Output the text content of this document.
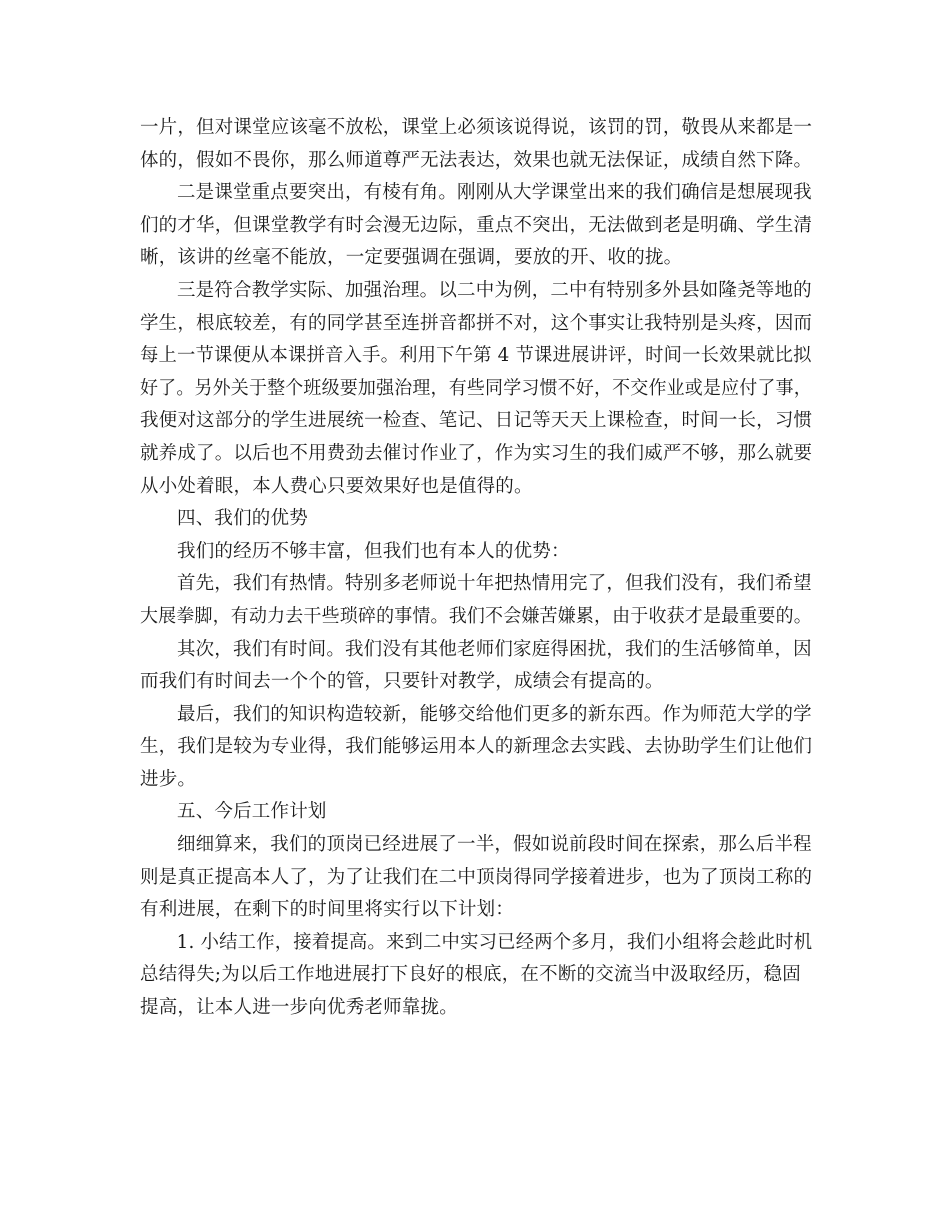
一片，但对课堂应该毫不放松，课堂上必须该说得说，该罚的罚，敬畏从来都是一
体的，假如不畏你，那么师道尊严无法表达，效果也就无法保证，成绩自然下降。

二是课堂重点要突出，有棱有角。刚刚从大学课堂出来的我们确信是想展现我
们的才华，但课堂教学有时会漫无边际，重点不突出，无法做到老是明确、学生清
晰，该讲的丝毫不能放，一定要强调在强调，要放的开、收的拢。

三是符合教学实际、加强治理。以二中为例，二中有特别多外县如隆尧等地的
学生，根底较差，有的同学甚至连拼音都拼不对，这个事实让我特别是头疼，因而
每上一节课便从本课拼音入手。利用下午第 4 节课进展讲评，时间一长效果就比拟
好了。另外关于整个班级要加强治理，有些同学习惯不好，不交作业或是应付了事，
我便对这部分的学生进展统一检查、笔记、日记等天天上课检查，时间一长，习惯
就养成了。以后也不用费劲去催讨作业了，作为实习生的我们威严不够，那么就要
从小处着眼，本人费心只要效果好也是值得的。

四、我们的优势

我们的经历不够丰富，但我们也有本人的优势：

首先，我们有热情。特别多老师说十年把热情用完了，但我们没有，我们希望
大展拳脚，有动力去干些琐碎的事情。我们不会嫌苦嫌累，由于收获才是最重要的。

其次，我们有时间。我们没有其他老师们家庭得困扰，我们的生活够简单，因
而我们有时间去一个个的管，只要针对教学，成绩会有提高的。

最后，我们的知识构造较新，能够交给他们更多的新东西。作为师范大学的学
生，我们是较为专业得，我们能够运用本人的新理念去实践、去协助学生们让他们
进步。

五、今后工作计划

细细算来，我们的顶岗已经进展了一半，假如说前段时间在探索，那么后半程
则是真正提高本人了，为了让我们在二中顶岗得同学接着进步，也为了顶岗工称的
有利进展，在剩下的时间里将实行以下计划：

1. 小结工作，接着提高。来到二中实习已经两个多月，我们小组将会趁此时机
总结得失;为以后工作地进展打下良好的根底，在不断的交流当中汲取经历，稳固
提高，让本人进一步向优秀老师靠拢。
